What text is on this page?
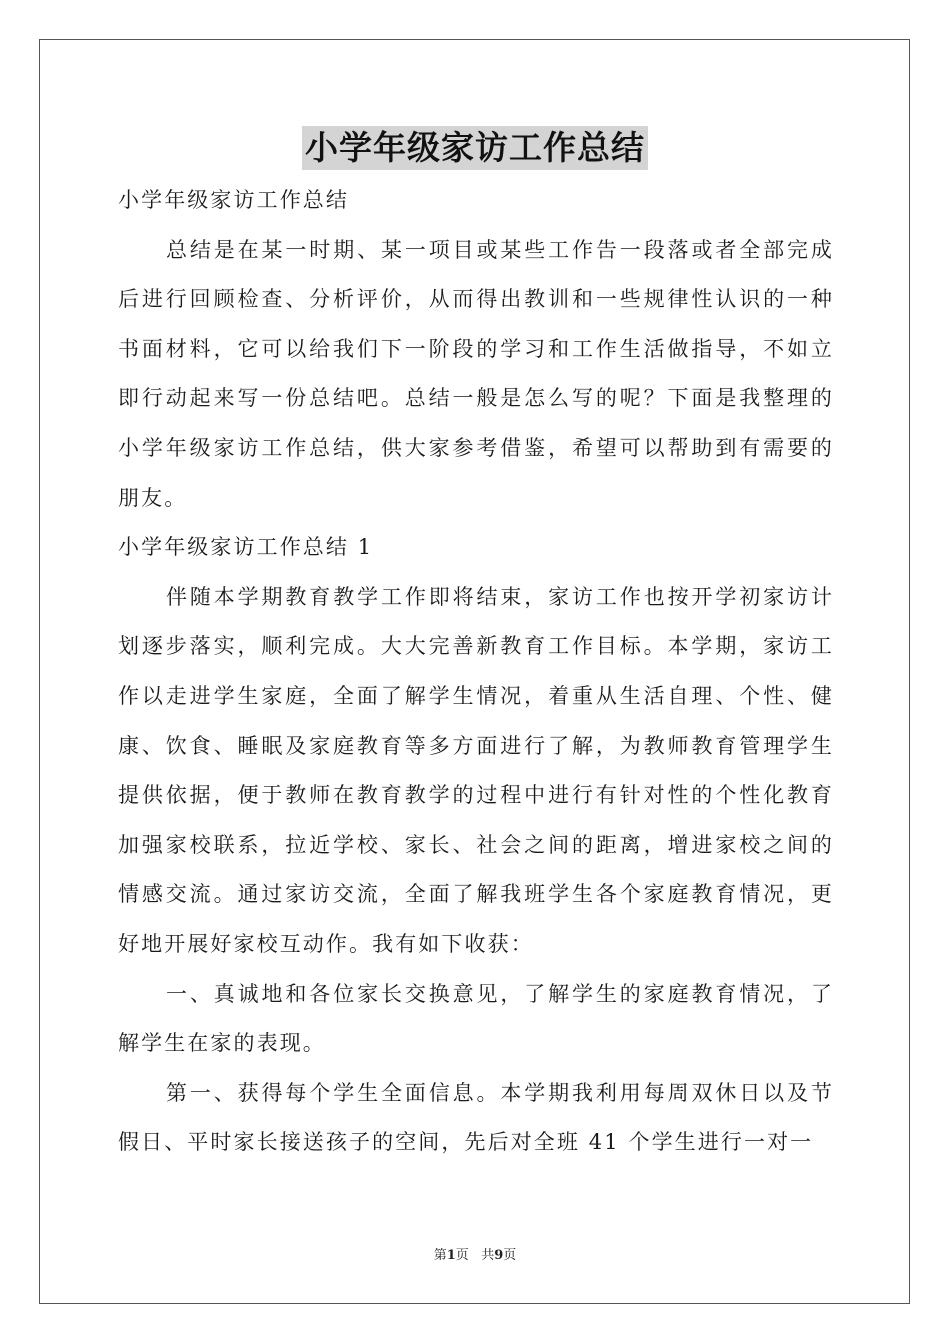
小学年级家访工作总结

小学年级家访工作总结

总结是在某一时期、某一项目或某些工作告一段落或者全部完成后进行回顾检查、分析评价，从而得出教训和一些规律性认识的一种书面材料，它可以给我们下一阶段的学习和工作生活做指导，不如立即行动起来写一份总结吧。总结一般是怎么写的呢？下面是我整理的小学年级家访工作总结，供大家参考借鉴，希望可以帮助到有需要的朋友。

小学年级家访工作总结 1

伴随本学期教育教学工作即将结束，家访工作也按开学初家访计划逐步落实，顺利完成。大大完善新教育工作目标。本学期，家访工作以走进学生家庭，全面了解学生情况，着重从生活自理、个性、健康、饮食、睡眠及家庭教育等多方面进行了解，为教师教育管理学生提供依据，便于教师在教育教学的过程中进行有针对性的个性化教育加强家校联系，拉近学校、家长、社会之间的距离，增进家校之间的情感交流。通过家访交流，全面了解我班学生各个家庭教育情况，更好地开展好家校互动作。我有如下收获：

一、真诚地和各位家长交换意见，了解学生的家庭教育情况，了解学生在家的表现。

第一、获得每个学生全面信息。本学期我利用每周双休日以及节假日、平时家长接送孩子的空间，先后对全班 41 个学生进行一对一

第1页 共9页
